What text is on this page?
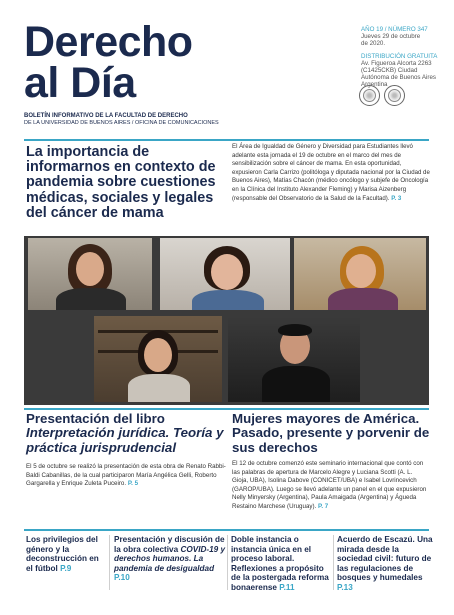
Derecho
al Día
BOLETÍN INFORMATIVO DE LA FACULTAD DE DERECHO
DE LA UNIVERSIDAD DE BUENOS AIRES / OFICINA DE COMUNICACIONES
AÑO 19 / NÚMERO 347
Jueves 29 de octubre
de 2020.
DISTRIBUCIÓN GRATUITA
Av. Figueroa Alcorta 2263
(C1425CKB) Ciudad
Autónoma de Buenos Aires
Argentina
La importancia de informarnos en contexto de pandemia sobre cuestiones médicas, sociales y legales del cáncer de mama
El Área de Igualdad de Género y Diversidad para Estudiantes llevó adelante esta jornada el 19 de octubre en el marco del mes de sensibilización sobre el cáncer de mama. En esta oportunidad, expusieron Carla Carrizo (politóloga y diputada nacional por la Ciudad de Buenos Aires), Matías Chacón (médico oncólogo y subjefe de Oncología en la Clínica del Instituto Alexander Fleming) y Marisa Aizenberg (responsable del Observatorio de la Salud de la Facultad). P. 3
Presentación del libro
Interpretación jurídica. Teoría y práctica jurisprudencial
El 5 de octubre se realizó la presentación de esta obra de Renato Rabbi-Baldi Cabanillas, de la cual participaron María Angélica Gelli, Roberto Gargarella y Enrique Zuleta Puceiro. P. 5
Mujeres mayores de América. Pasado, presente y porvenir de sus derechos
El 12 de octubre comenzó este seminario internacional que contó con las palabras de apertura de Marcelo Alegre y Luciana Scotti (A. L. Gioja, UBA), Isolina Dabove (CONICET/UBA) e Isabel Lovrincevich (GAROP/UBA). Luego se llevó adelante un panel en el que expusieron Nelly Minyersky (Argentina), Paula Amaigada (Argentina) y Águeda Restaino Marchese (Uruguay). P. 7
Los privilegios del género y la deconstrucción en el fútbol P.9
Presentación y discusión de la obra colectiva COVID-19 y derechos humanos. La pandemia de desigualdad P.10
Doble instancia o instancia única en el proceso laboral. Reflexiones a propósito de la postergada reforma bonaerense P.11
Acuerdo de Escazú. Una mirada desde la sociedad civil: futuro de las regulaciones de bosques y humedales P.13
